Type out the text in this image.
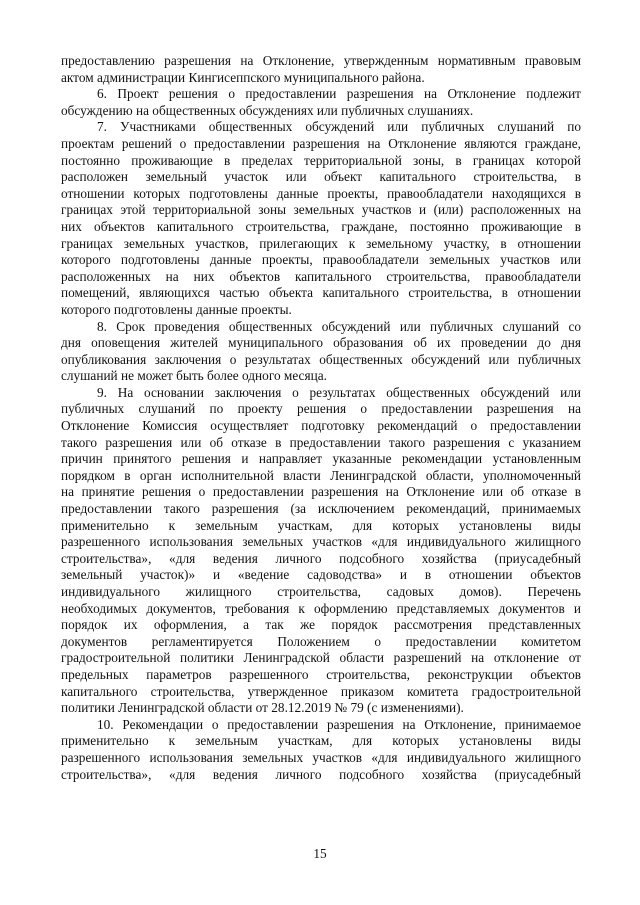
предоставлению разрешения на Отклонение, утвержденным нормативным правовым
актом администрации Кингисеппского муниципального района.

6. Проект решения о предоставлении разрешения на Отклонение подлежит
обсуждению на общественных обсуждениях или публичных слушаниях.

7. Участниками общественных обсуждений или публичных слушаний по
проектам решений о предоставлении разрешения на Отклонение являются граждане,
постоянно проживающие в пределах территориальной зоны, в границах которой
расположен земельный участок или объект капитального строительства, в
отношении которых подготовлены данные проекты, правообладатели находящихся в
границах этой территориальной зоны земельных участков и (или) расположенных на
них объектов капитального строительства, граждане, постоянно проживающие в
границах земельных участков, прилегающих к земельному участку, в отношении
которого подготовлены данные проекты, правообладатели земельных участков или
расположенных на них объектов капитального строительства, правообладатели
помещений, являющихся частью объекта капитального строительства, в отношении
которого подготовлены данные проекты.

8. Срок проведения общественных обсуждений или публичных слушаний со
дня оповещения жителей муниципального образования об их проведении до дня
опубликования заключения о результатах общественных обсуждений или публичных
слушаний не может быть более одного месяца.

9. На основании заключения о результатах общественных обсуждений или
публичных слушаний по проекту решения о предоставлении разрешения на
Отклонение Комиссия осуществляет подготовку рекомендаций о предоставлении
такого разрешения или об отказе в предоставлении такого разрешения с указанием
причин принятого решения и направляет указанные рекомендации установленным
порядком в орган исполнительной власти Ленинградской области, уполномоченный
на принятие решения о предоставлении разрешения на Отклонение или об отказе в
предоставлении такого разрешения (за исключением рекомендаций, принимаемых
применительно к земельным участкам, для которых установлены виды
разрешенного использования земельных участков «для индивидуального жилищного
строительства», «для ведения личного подсобного хозяйства (приусадебный
земельный участок)» и «ведение садоводства» и в отношении объектов
индивидуального жилищного строительства, садовых домов). Перечень
необходимых документов, требования к оформлению представляемых документов и
порядок их оформления, а так же порядок рассмотрения представленных
документов регламентируется Положением о предоставлении комитетом
градостроительной политики Ленинградской области разрешений на отклонение от
предельных параметров разрешенного строительства, реконструкции объектов
капитального строительства, утвержденное приказом комитета градостроительной
политики Ленинградской области от 28.12.2019 № 79 (с изменениями).

10. Рекомендации о предоставлении разрешения на Отклонение, принимаемое
применительно к земельным участкам, для которых установлены виды
разрешенного использования земельных участков «для индивидуального жилищного
строительства», «для ведения личного подсобного хозяйства (приусадебный

15
